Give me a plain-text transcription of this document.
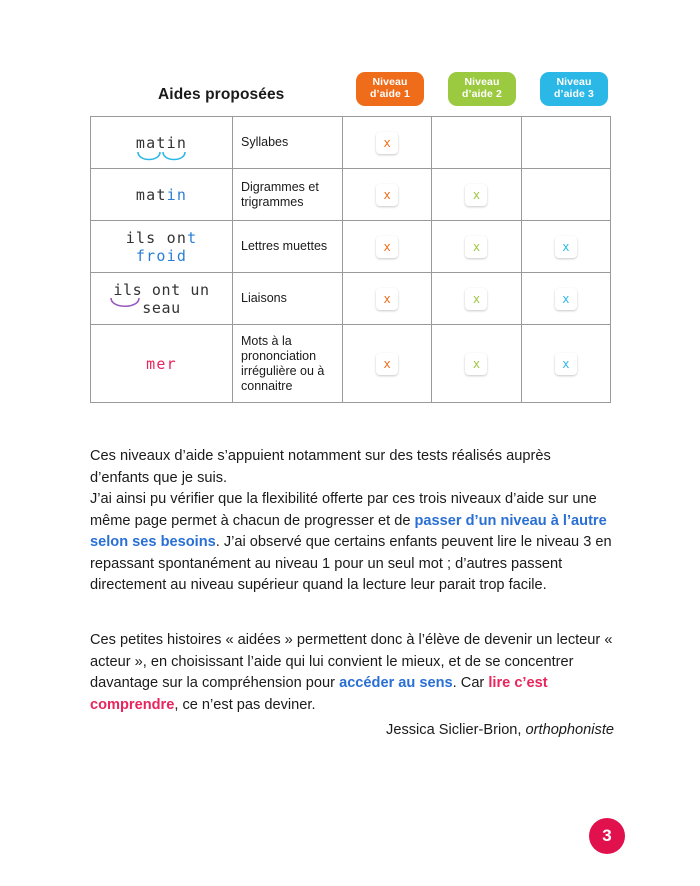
Aides proposées
Niveau
d’aide 1
Niveau
d’aide 2
Niveau
d’aide 3
matin	Syllabes	x		
matin	Digrammes et trigrammes	x	x	
ils ont froid	Lettres muettes	x	x	x
ils ont un seau	Liaisons	x	x	x
mer	Mots à la prononciation irrégulière ou à connaitre	x	x	x
Ces niveaux d’aide s’appuient notamment sur des tests réalisés auprès d’enfants que je suis.
J’ai ainsi pu vérifier que la flexibilité offerte par ces trois niveaux d’aide sur une même page permet à chacun de progresser et de passer d’un niveau à l’autre selon ses besoins. J’ai observé que certains enfants peuvent lire le niveau 3 en repassant spontanément au niveau 1 pour un seul mot ; d’autres passent directement au niveau supérieur quand la lecture leur parait trop facile.
Ces petites histoires « aidées » permettent donc à l’élève de devenir un lecteur « acteur », en choisissant l’aide qui lui convient le mieux, et de se concentrer davantage sur la compréhension pour accéder au sens. Car lire c’est comprendre, ce n’est pas deviner.
Jessica Siclier-Brion, orthophoniste
3
